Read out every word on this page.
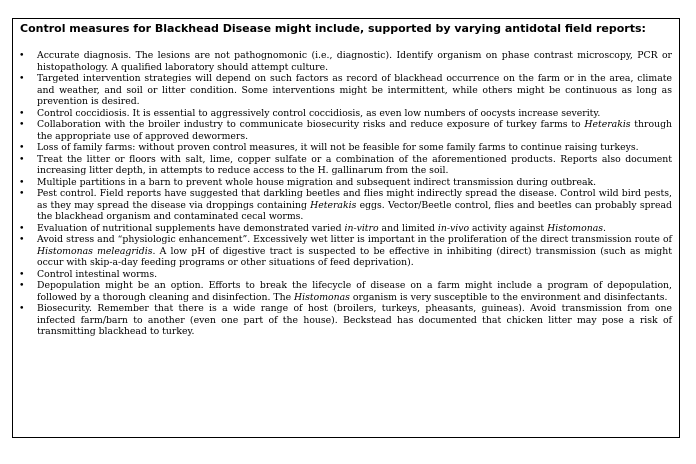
Control measures for Blackhead Disease might include, supported by varying antidotal field reports:
• Accurate diagnosis. The lesions are not pathognomonic (i.e., diagnostic). Identify organism on phase contrast microscopy, PCR or histopathology. A qualified laboratory should attempt culture.
• Targeted intervention strategies will depend on such factors as record of blackhead occurrence on the farm or in the area, climate and weather, and soil or litter condition. Some interventions might be intermittent, while others might be continuous as long as prevention is desired.
• Control coccidiosis. It is essential to aggressively control coccidiosis, as even low numbers of oocysts increase severity.
• Collaboration with the broiler industry to communicate biosecurity risks and reduce exposure of turkey farms to Heterakis through the appropriate use of approved dewormers.
• Loss of family farms: without proven control measures, it will not be feasible for some family farms to continue raising turkeys.
• Treat the litter or floors with salt, lime, copper sulfate or a combination of the aforementioned products. Reports also document increasing litter depth, in attempts to reduce access to the H. gallinarum from the soil.
• Multiple partitions in a barn to prevent whole house migration and subsequent indirect transmission during outbreak.
• Pest control. Field reports have suggested that darkling beetles and flies might indirectly spread the disease. Control wild bird pests, as they may spread the disease via droppings containing Heterakis eggs. Vector/Beetle control, flies and beetles can probably spread the blackhead organism and contaminated cecal worms.
• Evaluation of nutritional supplements have demonstrated varied in-vitro and limited in-vivo activity against Histomonas.
• Avoid stress and “physiologic enhancement”. Excessively wet litter is important in the proliferation of the direct transmission route of Histomonas meleagridis. A low pH of digestive tract is suspected to be effective in inhibiting (direct) transmission (such as might occur with skip-a-day feeding programs or other situations of feed deprivation).
• Control intestinal worms.
• Depopulation might be an option. Efforts to break the lifecycle of disease on a farm might include a program of depopulation, followed by a thorough cleaning and disinfection. The Histomonas organism is very susceptible to the environment and disinfectants.
• Biosecurity. Remember that there is a wide range of host (broilers, turkeys, pheasants, guineas). Avoid transmission from one infected farm/barn to another (even one part of the house). Beckstead has documented that chicken litter may pose a risk of transmitting blackhead to turkey.
